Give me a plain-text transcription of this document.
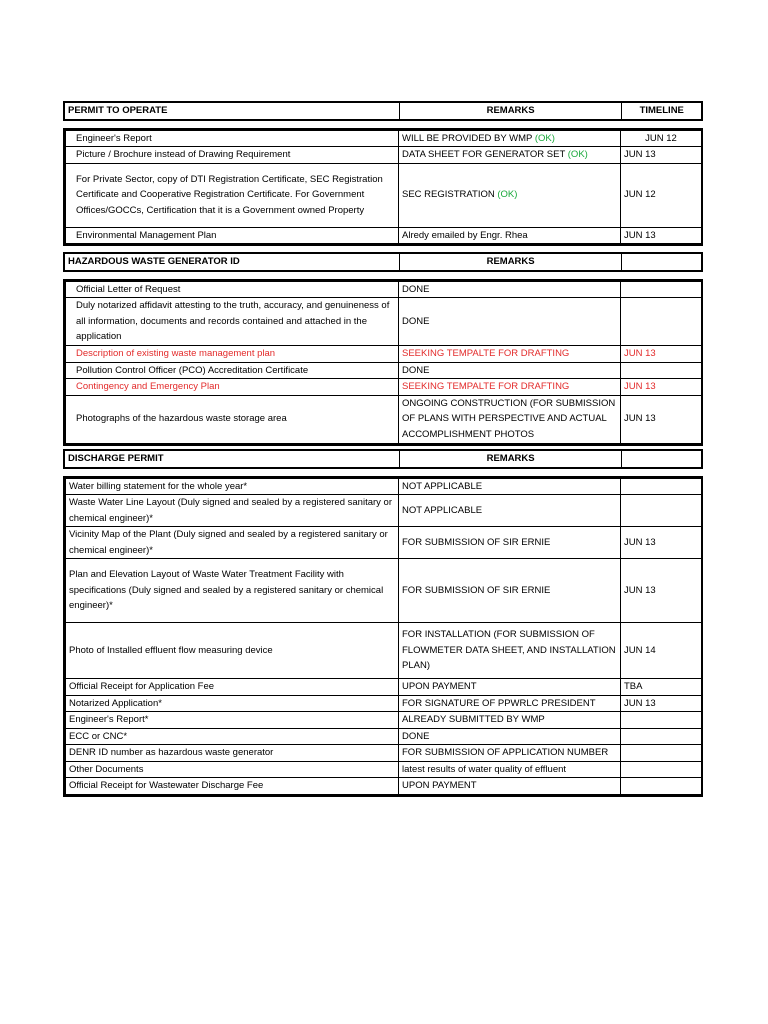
PERMIT TO OPERATE	REMARKS	TIMELINE
Engineer's Report	WILL BE PROVIDED BY WMP (OK)	JUN 12
Picture / Brochure instead of Drawing Requirement	DATA SHEET FOR GENERATOR SET (OK)	JUN 13
For Private Sector, copy of DTI Registration Certificate, SEC Registration Certificate and Cooperative Registration Certificate. For Government Offices/GOCCs, Certification that it is a Government owned Property	SEC REGISTRATION (OK)	JUN 12
Environmental Management Plan	Alredy emailed by Engr. Rhea	JUN 13
HAZARDOUS WASTE GENERATOR ID	REMARKS	
Official Letter of Request	DONE	
Duly notarized affidavit attesting to the truth, accuracy, and genuineness of all information, documents and records contained and attached in the application	DONE	
Description of existing waste management plan	SEEKING TEMPALTE FOR DRAFTING	JUN 13
Pollution Control Officer (PCO) Accreditation Certificate	DONE	
Contingency and Emergency Plan	SEEKING TEMPALTE FOR DRAFTING	JUN 13
Photographs of the hazardous waste storage area	ONGOING CONSTRUCTION (FOR SUBMISSION OF PLANS WITH PERSPECTIVE AND ACTUAL ACCOMPLISHMENT PHOTOS	JUN 13
DISCHARGE PERMIT	REMARKS	
Water billing statement for the whole year*	NOT APPLICABLE	
Waste Water Line Layout (Duly signed and sealed by a registered sanitary or chemical engineer)*	NOT APPLICABLE	
Vicinity Map of the Plant (Duly signed and sealed by a registered sanitary or chemical engineer)*	FOR SUBMISSION OF SIR ERNIE	JUN 13
Plan and Elevation Layout of Waste Water Treatment Facility with specifications (Duly signed and sealed by a registered sanitary or chemical engineer)*	FOR SUBMISSION OF SIR ERNIE	JUN 13
Photo of Installed effluent flow measuring device	FOR INSTALLATION (FOR SUBMISSION OF FLOWMETER DATA SHEET, AND INSTALLATION PLAN)	JUN 14
Official Receipt for Application Fee	UPON PAYMENT	TBA
Notarized Application*	FOR SIGNATURE OF PPWRLC PRESIDENT	JUN 13
Engineer's Report*	ALREADY SUBMITTED BY WMP	
ECC or CNC*	DONE	
DENR ID number as hazardous waste generator	FOR SUBMISSION OF APPLICATION NUMBER	
Other Documents	latest results of water quality of effluent	
Official Receipt for Wastewater Discharge Fee	UPON PAYMENT	
